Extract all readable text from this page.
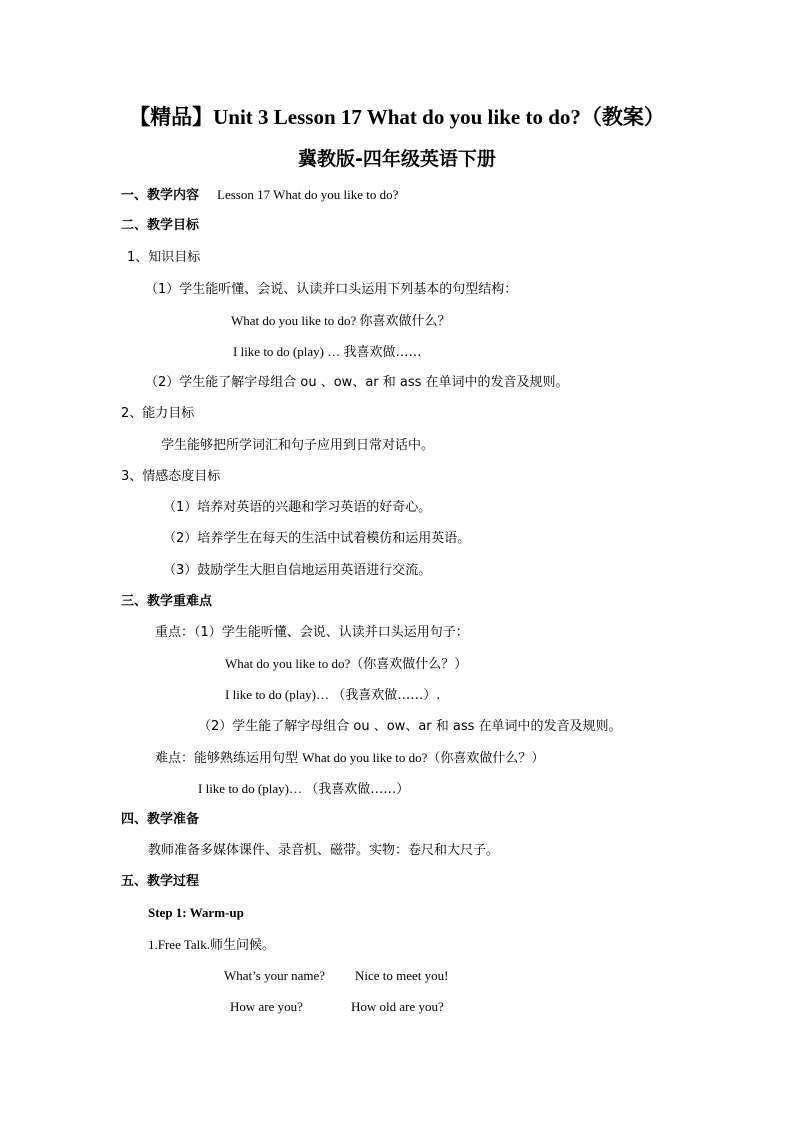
【精品】Unit 3 Lesson 17 What do you like to do?（教案）
冀教版-四年级英语下册
一、教学内容 Lesson 17 What do you like to do?
二、教学目标
1、知识目标
（1）学生能听懂、会说、认读并口头运用下列基本的句型结构：
What do you like to do? 你喜欢做什么？
I like to do (play) … 我喜欢做……
（2）学生能了解字母组合 ou 、ow、ar 和 ass 在单词中的发音及规则。
2、能力目标
学生能够把所学词汇和句子应用到日常对话中。
3、情感态度目标
（1）培养对英语的兴趣和学习英语的好奇心。
（2）培养学生在每天的生活中试着模仿和运用英语。
（3）鼓励学生大胆自信地运用英语进行交流。
三、教学重难点
重点：（1）学生能听懂、会说、认读并口头运用句子：
What do you like to do?（你喜欢做什么？）
I like to do (play)… （我喜欢做……）.
（2）学生能了解字母组合 ou 、ow、ar 和 ass 在单词中的发音及规则。
难点：能够熟练运用句型 What do you like to do?（你喜欢做什么？）
I like to do (play)… （我喜欢做……）
四、教学准备
教师准备多媒体课件、录音机、磁带。实物：卷尺和大尺子。
五、教学过程
Step 1: Warm-up
1.Free Talk.师生问候。
What’s your name? Nice to meet you!
How are you?	How old are you?
